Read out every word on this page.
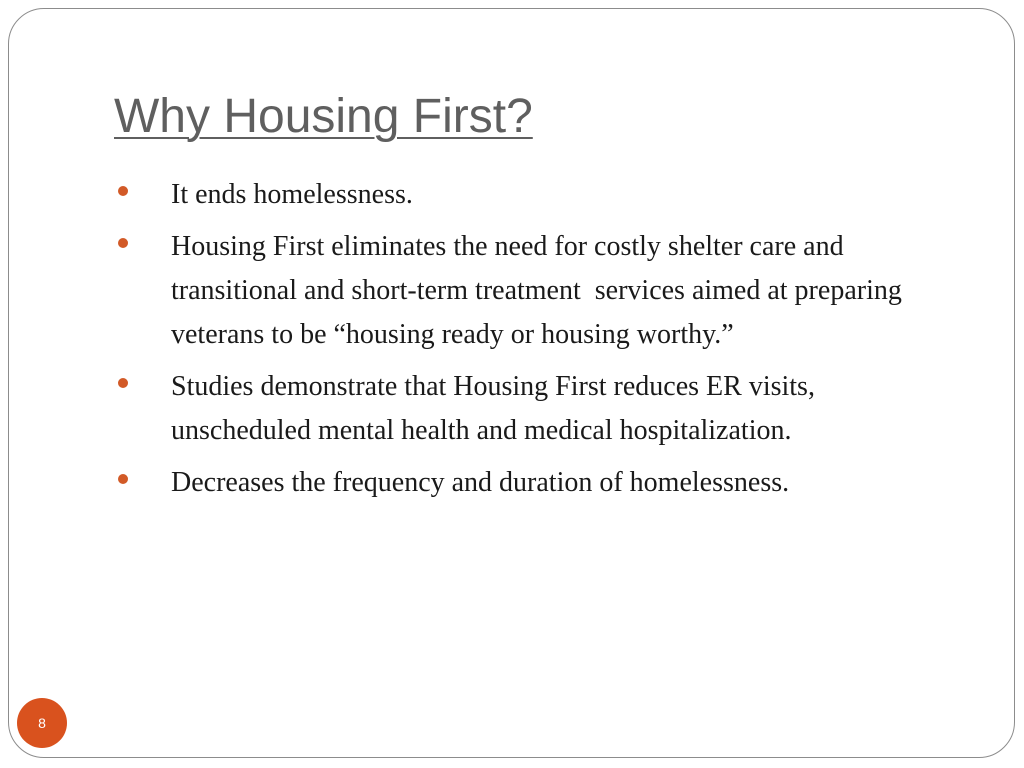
Why Housing First?
It ends homelessness.
Housing First eliminates the need for costly shelter care and transitional and short-term treatment  services aimed at preparing veterans to be “housing ready or housing worthy.”
Studies demonstrate that Housing First reduces ER visits, unscheduled mental health and medical hospitalization.
Decreases the frequency and duration of homelessness.
8
